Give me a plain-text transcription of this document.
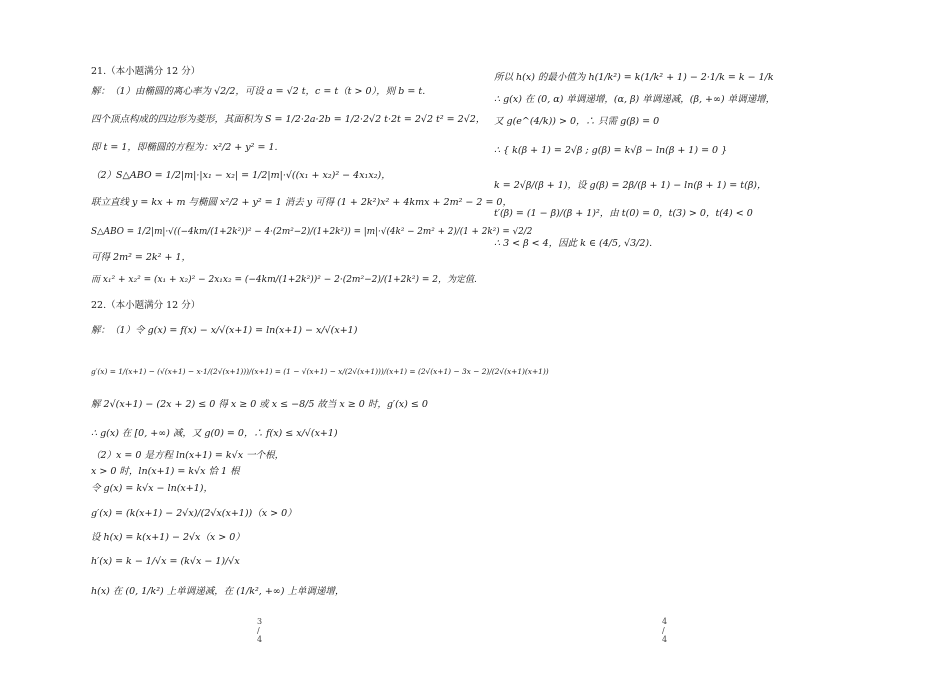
21.（本小题满分 12 分）
解：（1）由椭圆的离心率为 √2/2，可设 a = √2 t，c = t（t > 0），则 b = t.
四个顶点构成的四边形为菱形，其面积为 S = 1/2·2a·2b = 1/2·2√2 t·2t = 2√2 t² = 2√2，
即 t = 1，即椭圆的方程为：x²/2 + y² = 1.
（2）S△ABO = 1/2|m|·|x₁ − x₂| = 1/2|m|·√((x₁ + x₂)² − 4x₁x₂)，
联立直线 y = kx + m 与椭圆 x²/2 + y² = 1 消去 y 可得 (1 + 2k²)x² + 4kmx + 2m² − 2 = 0，
S△ABO = 1/2|m|·√((−4km/(1+2k²))² − 4·(2m²−2)/(1+2k²)) = |m|·√(4k² − 2m² + 2)/(1 + 2k²) = √2/2
可得 2m² = 2k² + 1，
而 x₁² + x₂² = (x₁ + x₂)² − 2x₁x₂ = (−4km/(1+2k²))² − 2·(2m²−2)/(1+2k²) = 2，为定值.
22.（本小题满分 12 分）
解：（1）令 g(x) = f(x) − x/√(x+1) = ln(x+1) − x/√(x+1)
g′(x) = 1/(x+1) − (√(x+1) − x·1/(2√(x+1)))/(x+1) = (1 − √(x+1) − x/(2√(x+1)))/(x+1) = (2√(x+1) − 3x − 2)/(2√(x+1)(x+1))
解 2√(x+1) − (2x + 2) ≤ 0 得 x ≥ 0 或 x ≤ −8/5 故当 x ≥ 0 时，g′(x) ≤ 0
∴ g(x) 在 [0, +∞) 减，又 g(0) = 0，∴ f(x) ≤ x/√(x+1)
（2）x = 0 是方程 ln(x+1) = k√x 一个根，
x > 0 时，ln(x+1) = k√x 恰 1 根
令 g(x) = k√x − ln(x+1)，
g′(x) = (k(x+1) − 2√x)/(2√x(x+1))（x > 0）
设 h(x) = k(x+1) − 2√x（x > 0）
h′(x) = k − 1/√x = (k√x − 1)/√x
h(x) 在 (0, 1/k²) 上单调递减，在 (1/k², +∞) 上单调递增，
3 / 4
所以 h(x) 的最小值为 h(1/k²) = k(1/k² + 1) − 2·1/k = k − 1/k
∴ g(x) 在 (0, α) 单调递增，(α, β) 单调递减，(β, +∞) 单调递增，
又 g(e^(4/k)) > 0，∴ 只需 g(β) = 0
∴ { k(β + 1) = 2√β ; g(β) = k√β − ln(β + 1) = 0 }
k = 2√β/(β + 1)，设 g(β) = 2β/(β + 1) − ln(β + 1) = t(β)，
t′(β) = (1 − β)/(β + 1)²，由 t(0) = 0，t(3) > 0，t(4) < 0
∴ 3 < β < 4，因此 k ∈ (4/5, √3/2).
4 / 4
